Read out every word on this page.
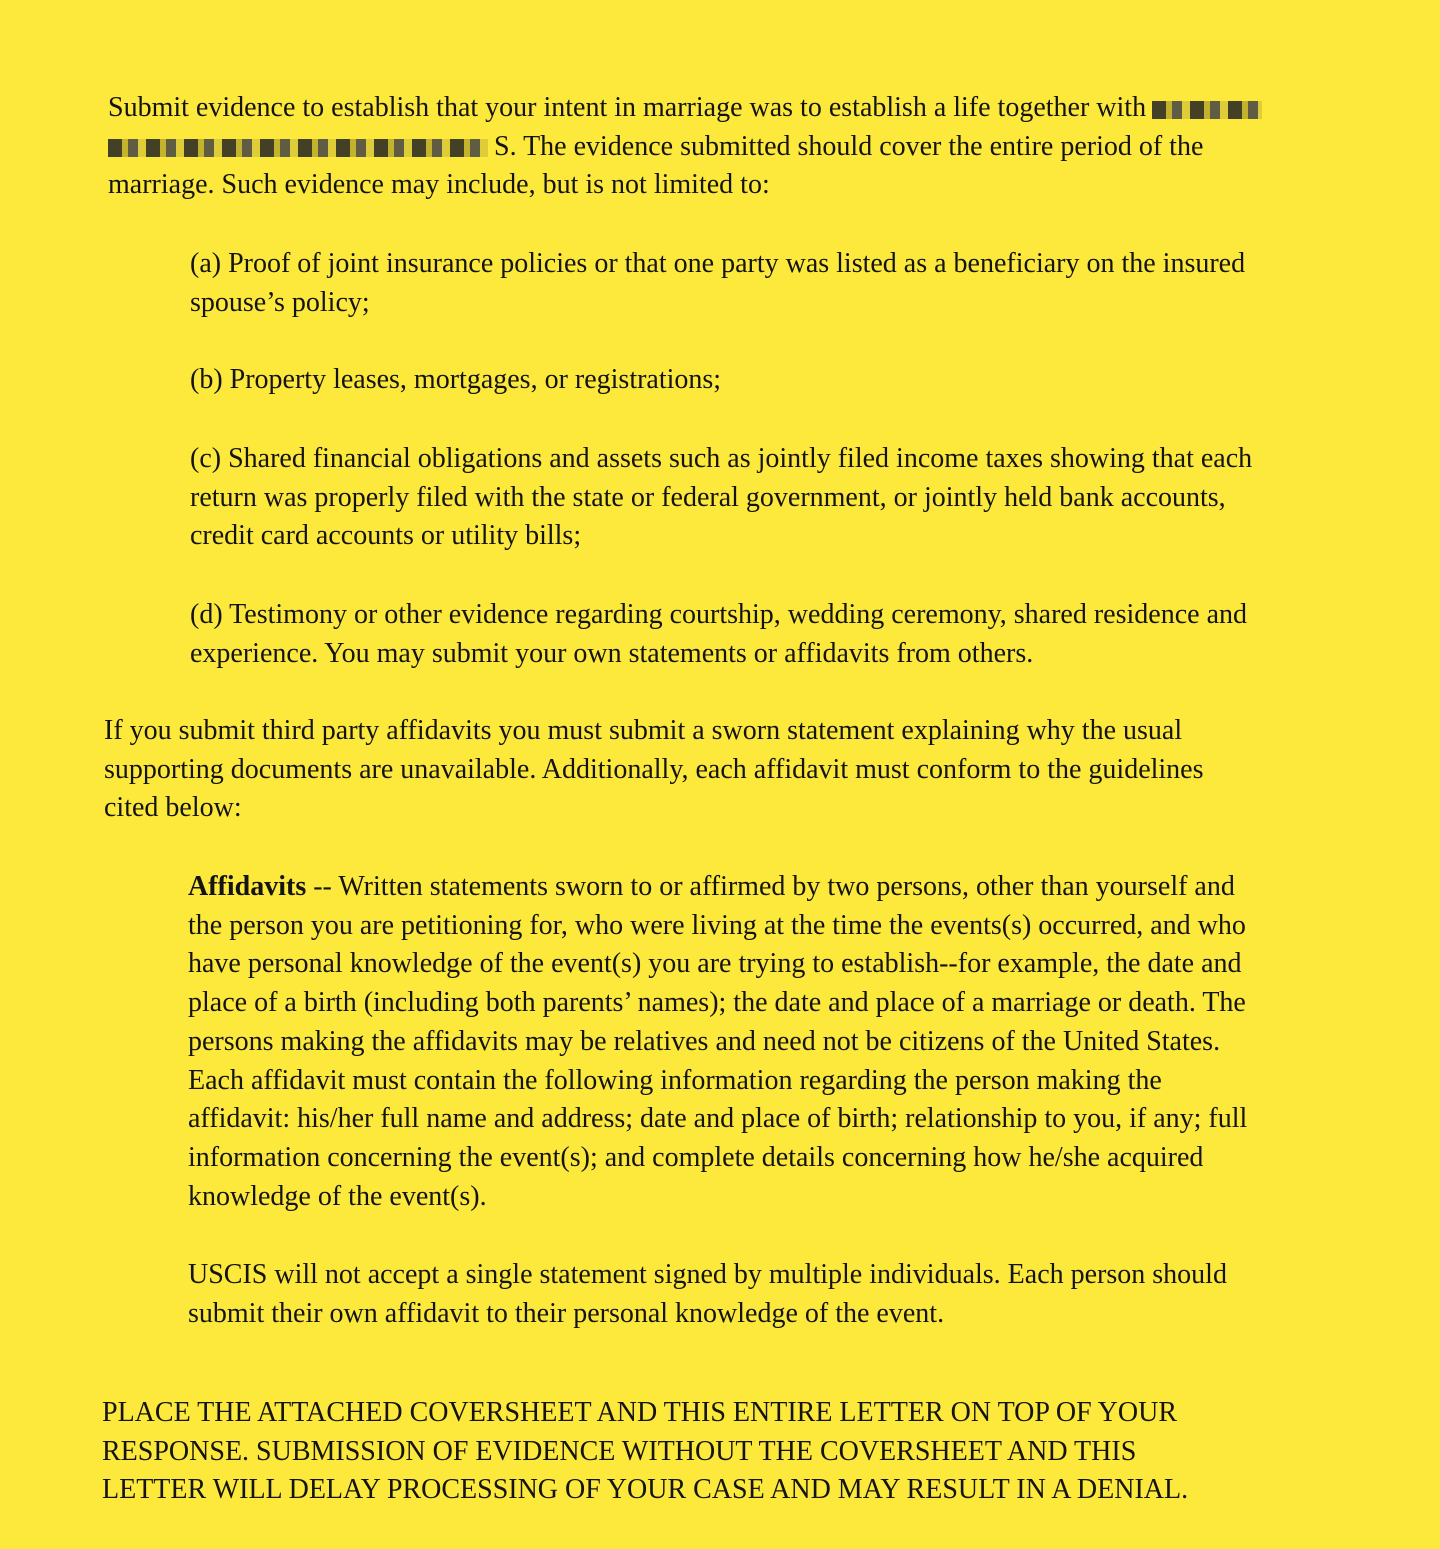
Submit evidence to establish that your intent in marriage was to establish a life together with
S. The evidence submitted should cover the entire period of the
marriage. Such evidence may include, but is not limited to:

(a) Proof of joint insurance policies or that one party was listed as a beneficiary on the insured
spouse’s policy;

(b) Property leases, mortgages, or registrations;

(c) Shared financial obligations and assets such as jointly filed income taxes showing that each
return was properly filed with the state or federal government, or jointly held bank accounts,
credit card accounts or utility bills;

(d) Testimony or other evidence regarding courtship, wedding ceremony, shared residence and
experience. You may submit your own statements or affidavits from others.

If you submit third party affidavits you must submit a sworn statement explaining why the usual
supporting documents are unavailable. Additionally, each affidavit must conform to the guidelines
cited below:

Affidavits -- Written statements sworn to or affirmed by two persons, other than yourself and
the person you are petitioning for, who were living at the time the events(s) occurred, and who
have personal knowledge of the event(s) you are trying to establish--for example, the date and
place of a birth (including both parents’ names); the date and place of a marriage or death. The
persons making the affidavits may be relatives and need not be citizens of the United States.
Each affidavit must contain the following information regarding the person making the
affidavit: his/her full name and address; date and place of birth; relationship to you, if any; full
information concerning the event(s); and complete details concerning how he/she acquired
knowledge of the event(s).

USCIS will not accept a single statement signed by multiple individuals. Each person should
submit their own affidavit to their personal knowledge of the event.

PLACE THE ATTACHED COVERSHEET AND THIS ENTIRE LETTER ON TOP OF YOUR
RESPONSE. SUBMISSION OF EVIDENCE WITHOUT THE COVERSHEET AND THIS
LETTER WILL DELAY PROCESSING OF YOUR CASE AND MAY RESULT IN A DENIAL.
